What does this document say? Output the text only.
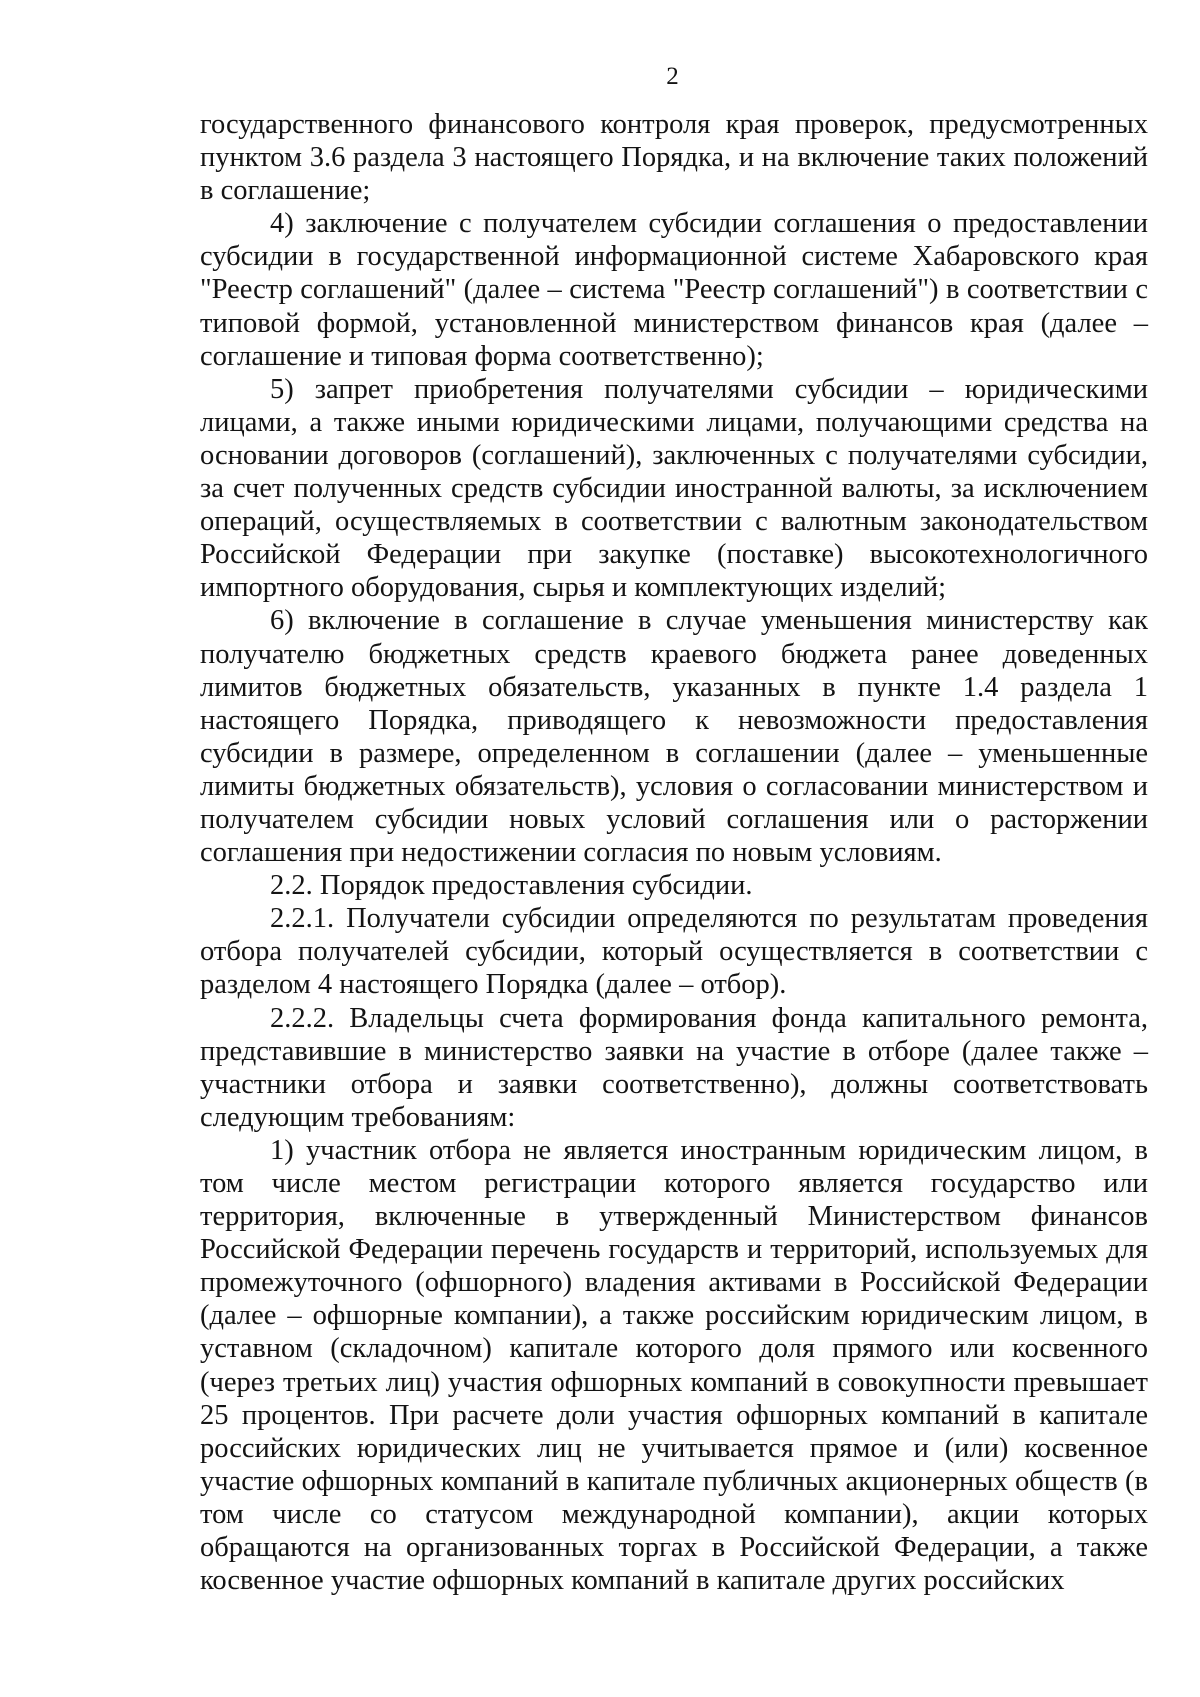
2

государственного финансового контроля края проверок, предусмотренных пунктом 3.6 раздела 3 настоящего Порядка, и на включение таких положений в соглашение;

4) заключение с получателем субсидии соглашения о предоставлении субсидии в государственной информационной системе Хабаровского края "Реестр соглашений" (далее – система "Реестр соглашений") в соответствии с типовой формой, установленной министерством финансов края (далее – соглашение и типовая форма соответственно);

5) запрет приобретения получателями субсидии – юридическими лицами, а также иными юридическими лицами, получающими средства на основании договоров (соглашений), заключенных с получателями субсидии, за счет полученных средств субсидии иностранной валюты, за исключением операций, осуществляемых в соответствии с валютным законодательством Российской Федерации при закупке (поставке) высокотехнологичного импортного оборудования, сырья и комплектующих изделий;

6) включение в соглашение в случае уменьшения министерству как получателю бюджетных средств краевого бюджета ранее доведенных лимитов бюджетных обязательств, указанных в пункте 1.4 раздела 1 настоящего Порядка, приводящего к невозможности предоставления субсидии в размере, определенном в соглашении (далее – уменьшенные лимиты бюджетных обязательств), условия о согласовании министерством и получателем субсидии новых условий соглашения или о расторжении соглашения при недостижении согласия по новым условиям.

2.2. Порядок предоставления субсидии.

2.2.1. Получатели субсидии определяются по результатам проведения отбора получателей субсидии, который осуществляется в соответствии с разделом 4 настоящего Порядка (далее – отбор).

2.2.2. Владельцы счета формирования фонда капитального ремонта, представившие в министерство заявки на участие в отборе (далее также – участники отбора и заявки соответственно), должны соответствовать следующим требованиям:

1) участник отбора не является иностранным юридическим лицом, в том числе местом регистрации которого является государство или территория, включенные в утвержденный Министерством финансов Российской Федерации перечень государств и территорий, используемых для промежуточного (офшорного) владения активами в Российской Федерации (далее – офшорные компании), а также российским юридическим лицом, в уставном (складочном) капитале которого доля прямого или косвенного (через третьих лиц) участия офшорных компаний в совокупности превышает 25 процентов. При расчете доли участия офшорных компаний в капитале российских юридических лиц не учитывается прямое и (или) косвенное участие офшорных компаний в капитале публичных акционерных обществ (в том числе со статусом международной компании), акции которых обращаются на организованных торгах в Российской Федерации, а также косвенное участие офшорных компаний в капитале других российских
